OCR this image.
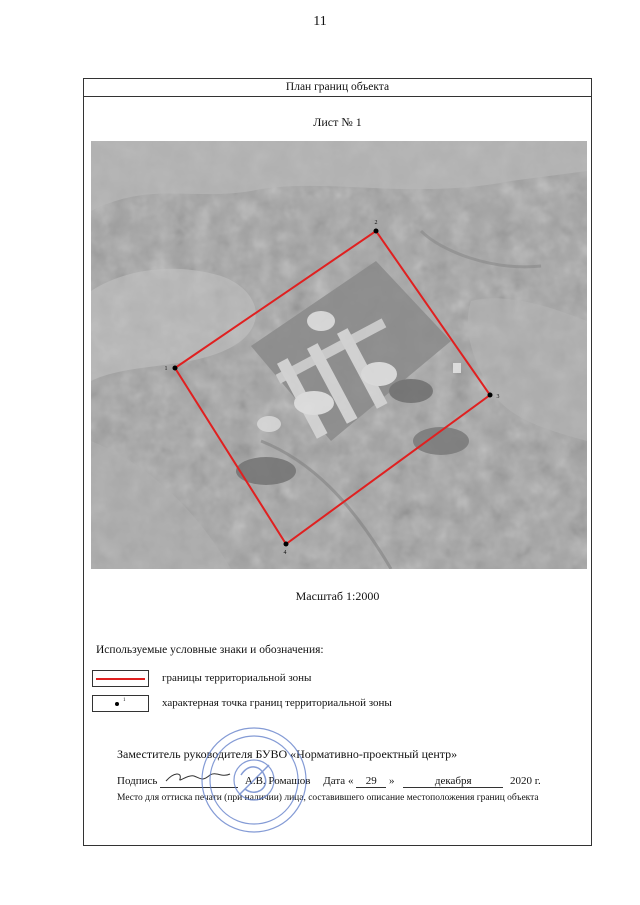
11
План границ объекта
Лист № 1
1
2
3
4
Масштаб 1:2000
Используемые условные знаки и обозначения:
границы территориальной зоны
1	характерная точка границ территориальной зоны
Заместитель руководителя БУВО «Нормативно-проектный центр»
Подпись	А.В. Ромашов Дата « 29 »	декабря	2020 г.
Место для оттиска печати (при наличии) лица, составившего описание местоположения границ объекта
